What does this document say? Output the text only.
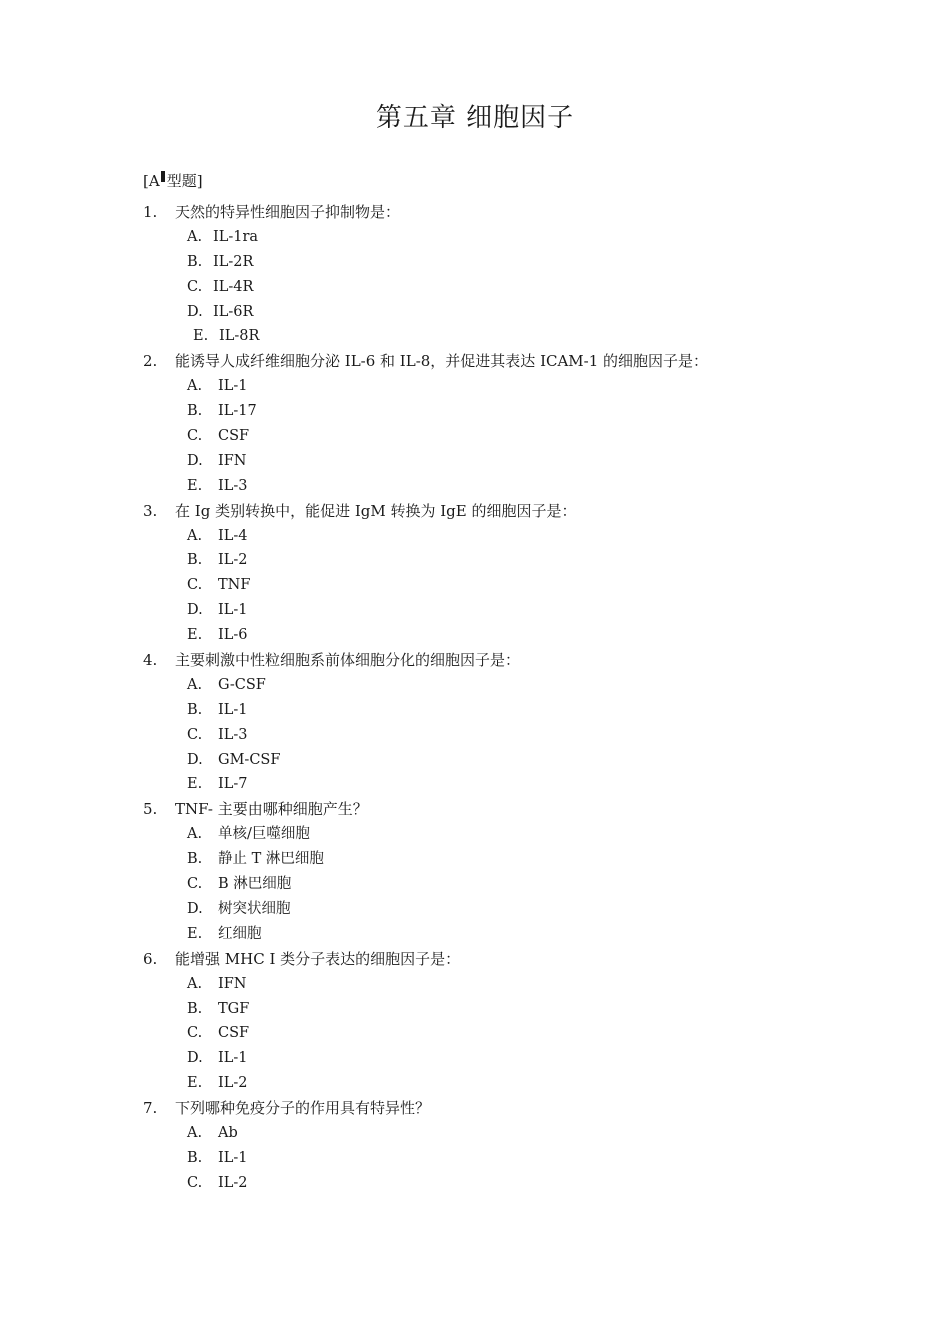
第五章 细胞因子
[A 型题]
1. 天然的特异性细胞因子抑制物是：
A. IL-1ra
B. IL-2R
C. IL-4R
D. IL-6R
E. IL-8R
2. 能诱导人成纤维细胞分泌 IL-6 和 IL-8，并促进其表达 ICAM-1 的细胞因子是：
A. IL-1
B. IL-17
C. CSF
D. IFN
E. IL-3
3. 在 Ig 类别转换中，能促进 IgM 转换为 IgE 的细胞因子是：
A. IL-4
B. IL-2
C. TNF
D. IL-1
E. IL-6
4. 主要刺激中性粒细胞系前体细胞分化的细胞因子是：
A. G-CSF
B. IL-1
C. IL-3
D. GM-CSF
E. IL-7
5. TNF- 主要由哪种细胞产生？
A. 单核/巨噬细胞
B. 静止 T 淋巴细胞
C. B 淋巴细胞
D. 树突状细胞
E. 红细胞
6. 能增强 MHC I 类分子表达的细胞因子是：
A. IFN
B. TGF
C. CSF
D. IL-1
E. IL-2
7. 下列哪种免疫分子的作用具有特异性？
A. Ab
B. IL-1
C. IL-2
